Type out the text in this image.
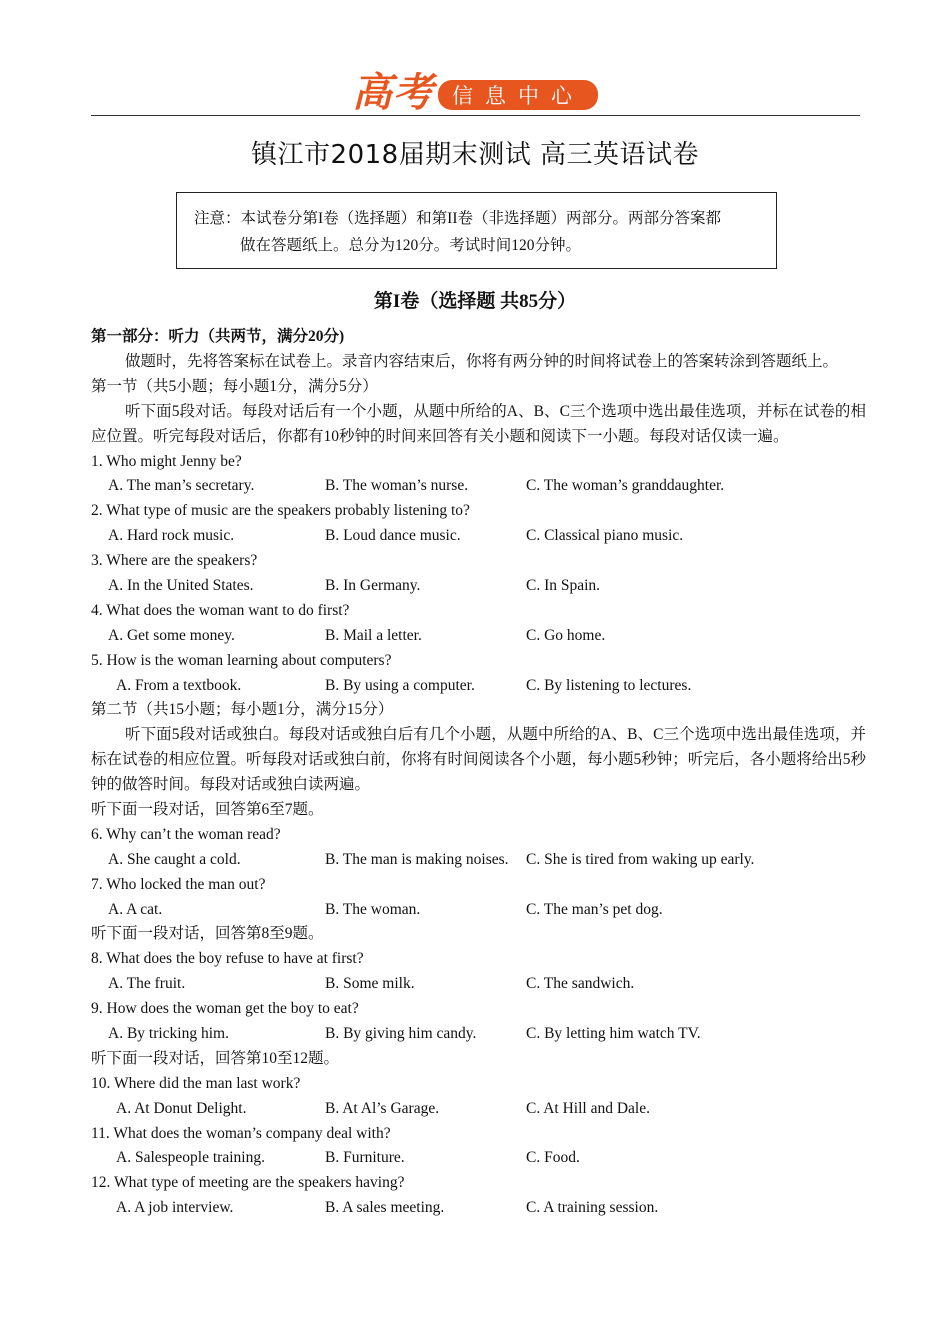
高考 信息中心
镇江市2018届期末测试 高三英语试卷

注意：本试卷分第I卷（选择题）和第II卷（非选择题）两部分。两部分答案都

做在答题纸上。总分为120分。考试时间120分钟。

第I卷（选择题 共85分）
第一部分：听力（共两节，满分20分)
做题时，先将答案标在试卷上。录音内容结束后，你将有两分钟的时间将试卷上的答案转涂到答题纸上。
第一节（共5小题；每小题1分，满分5分）
听下面5段对话。每段对话后有一个小题，从题中所给的A、B、C三个选项中选出最佳选项，并标在试卷的相应位置。听完每段对话后，你都有10秒钟的时间来回答有关小题和阅读下一小题。每段对话仅读一遍。
1. Who might Jenny be?
A. The man’s secretary.	B. The woman’s nurse.	C. The woman’s granddaughter.
2. What type of music are the speakers probably listening to?
A. Hard rock music.	B. Loud dance music.	C. Classical piano music.
3. Where are the speakers?
A. In the United States.	B. In Germany.	C. In Spain.
4. What does the woman want to do first?
A. Get some money.	B. Mail a letter.	C. Go home.
5. How is the woman learning about computers?
A. From a textbook.	B. By using a computer.	C. By listening to lectures.
第二节（共15小题；每小题1分，满分15分）
听下面5段对话或独白。每段对话或独白后有几个小题，从题中所给的A、B、C三个选项中选出最佳选项，并标在试卷的相应位置。听每段对话或独白前，你将有时间阅读各个小题，每小题5秒钟；听完后，各小题将给出5秒钟的做答时间。每段对话或独白读两遍。
听下面一段对话，回答第6至7题。
6. Why can’t the woman read?
A. She caught a cold.	B. The man is making noises. C. She is tired from waking up early.
7. Who locked the man out?
A. A cat.	B. The woman.	C. The man’s pet dog.
听下面一段对话，回答第8至9题。
8. What does the boy refuse to have at first?
A. The fruit.	B. Some milk.	C. The sandwich.
9. How does the woman get the boy to eat?
A. By tricking him.	B. By giving him candy.	C. By letting him watch TV.
听下面一段对话，回答第10至12题。
10. Where did the man last work?
A. At Donut Delight.	B. At Al’s Garage.	C. At Hill and Dale.
11. What does the woman’s company deal with?
A. Salespeople training.	B. Furniture.	C. Food.
12. What type of meeting are the speakers having?
A. A job interview.	B. A sales meeting.	C. A training session.
